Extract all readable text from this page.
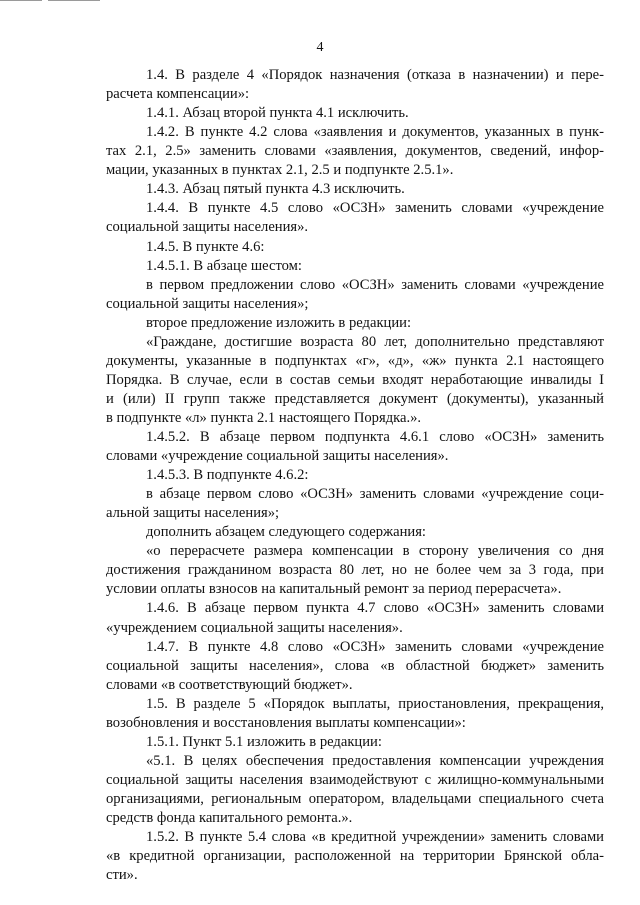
4
1.4. В разделе 4 «Порядок назначения (отказа в назначении) и пере-
расчета компенсации»:
1.4.1. Абзац второй пункта 4.1 исключить.
1.4.2. В пункте 4.2 слова «заявления и документов, указанных в пунк-
тах 2.1, 2.5» заменить словами «заявления, документов, сведений, инфор-
мации, указанных в пунктах 2.1, 2.5 и подпункте 2.5.1».
1.4.3. Абзац пятый пункта 4.3 исключить.
1.4.4. В пункте 4.5 слово «ОСЗН» заменить словами «учреждение
социальной защиты населения».
1.4.5. В пункте 4.6:
1.4.5.1. В абзаце шестом:
в первом предложении слово «ОСЗН» заменить словами «учреждение
социальной защиты населения»;
второе предложение изложить в редакции:
«Граждане, достигшие возраста 80 лет, дополнительно представляют
документы, указанные в подпунктах «г», «д», «ж» пункта 2.1 настоящего
Порядка. В случае, если в состав семьи входят неработающие инвалиды I
и (или) II групп также представляется документ (документы), указанный
в подпункте «л» пункта 2.1 настоящего Порядка.».
1.4.5.2. В абзаце первом подпункта 4.6.1 слово «ОСЗН» заменить
словами «учреждение социальной защиты населения».
1.4.5.3. В подпункте 4.6.2:
в абзаце первом слово «ОСЗН» заменить словами «учреждение соци-
альной защиты населения»;
дополнить абзацем следующего содержания:
«о перерасчете размера компенсации в сторону увеличения со дня
достижения гражданином возраста 80 лет, но не более чем за 3 года, при
условии оплаты взносов на капитальный ремонт за период перерасчета».
1.4.6. В абзаце первом пункта 4.7 слово «ОСЗН» заменить словами
«учреждением социальной защиты населения».
1.4.7. В пункте 4.8 слово «ОСЗН» заменить словами «учреждение
социальной защиты населения», слова «в областной бюджет» заменить
словами «в соответствующий бюджет».
1.5. В разделе 5 «Порядок выплаты, приостановления, прекращения,
возобновления и восстановления выплаты компенсации»:
1.5.1. Пункт 5.1 изложить в редакции:
«5.1. В целях обеспечения предоставления компенсации учреждения
социальной защиты населения взаимодействуют с жилищно-коммунальными
организациями, региональным оператором, владельцами специального счета
средств фонда капитального ремонта.».
1.5.2. В пункте 5.4 слова «в кредитной учреждении» заменить словами
«в кредитной организации, расположенной на территории Брянской обла-
сти».
